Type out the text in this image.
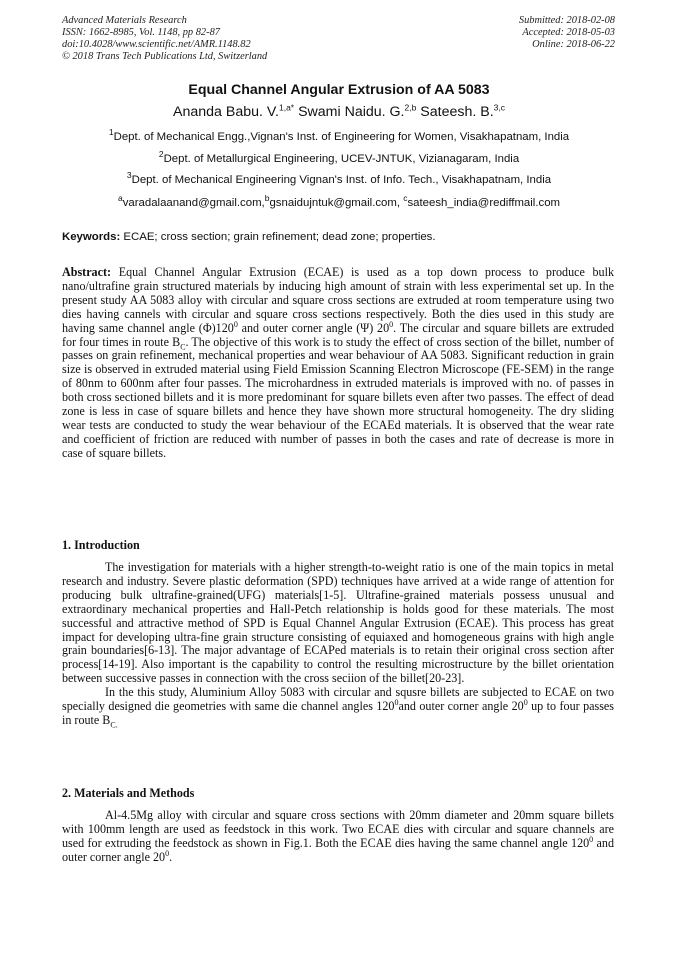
Advanced Materials Research
ISSN: 1662-8985, Vol. 1148, pp 82-87
doi:10.4028/www.scientific.net/AMR.1148.82
© 2018 Trans Tech Publications Ltd, Switzerland
Submitted: 2018-02-08
Accepted: 2018-05-03
Online: 2018-06-22
Equal Channel Angular Extrusion of AA 5083
Ananda Babu. V.$^{1,a*}$ Swami Naidu. G.$^{2,b}$ Sateesh. B.$^{3,c}$
$^1$Dept. of Mechanical Engg.,Vignan's Inst. of Engineering for Women, Visakhapatnam, India
$^2$Dept. of Metallurgical Engineering, UCEV-JNTUK, Vizianagaram, India
$^3$Dept. of Mechanical Engineering Vignan's Inst. of Info. Tech., Visakhapatnam, India
$^a$varadalaanand@gmail.com,$^b$gsnaidujntuk@gmail.com, $^c$sateesh_india@rediffmail.com
Keywords: ECAE; cross section; grain refinement; dead zone; properties.
Abstract: Equal Channel Angular Extrusion (ECAE) is used as a top down process to produce bulk nano/ultrafine grain structured materials by inducing high amount of strain with less experimental set up. In the present study AA 5083 alloy with circular and square cross sections are extruded at room temperature using two dies having cannels with circular and square cross sections respectively. Both the dies used in this study are having same channel angle $(\Phi)120^0$ and outer corner angle (Ψ) $20^0$. The circular and square billets are extruded for four times in route $B_C$. The objective of this work is to study the effect of cross section of the billet, number of passes on grain refinement, mechanical properties and wear behaviour of AA 5083. Significant reduction in grain size is observed in extruded material using Field Emission Scanning Electron Microscope (FE-SEM) in the range of 80nm to 600nm after four passes. The microhardness in extruded materials is improved with no. of passes in both cross sectioned billets and it is more predominant for square billets even after two passes. The effect of dead zone is less in case of square billets and hence they have shown more structural homogeneity. The dry sliding wear tests are conducted to study the wear behaviour of the ECAEd materials. It is observed that the wear rate and coefficient of friction are reduced with number of passes in both the cases and rate of decrease is more in case of square billets.
1. Introduction

The investigation for materials with a higher strength-to-weight ratio is one of the main topics in metal research and industry. Severe plastic deformation (SPD) techniques have arrived at a wide range of attention for producing bulk ultrafine-grained(UFG) materials[1-5]. Ultrafine-grained materials possess unusual and extraordinary mechanical properties and Hall-Petch relationship is holds good for these materials. The most successful and attractive method of SPD is Equal Channel Angular Extrusion (ECAE). This process has great impact for developing ultra-fine grain structure consisting of equiaxed and homogeneous grains with high angle grain boundaries[6-13]. The major advantage of ECAPed materials is to retain their original cross section after process[14-19]. Also important is the capability to control the resulting microstructure by the billet orientation between successive passes in connection with the cross seciion of the billet[20-23].

In the this study, Aluminium Alloy 5083 with circular and squsre billets are subjected to ECAE on two specially designed die geometries with same die channel angles $120^0and$ outer corner angle $20^0$ up to four passes in route $B_{C.}$

2. Materials and Methods

Al-4.5Mg alloy with circular and square cross sections with 20mm diameter and 20mm square billets with 100mm length are used as feedstock in this work. Two ECAE dies with circular and square channels are used for extruding the feedstock as shown in Fig.1. Both the ECAE dies having the same channel angle $120^0$ and outer corner angle $20^0$.
